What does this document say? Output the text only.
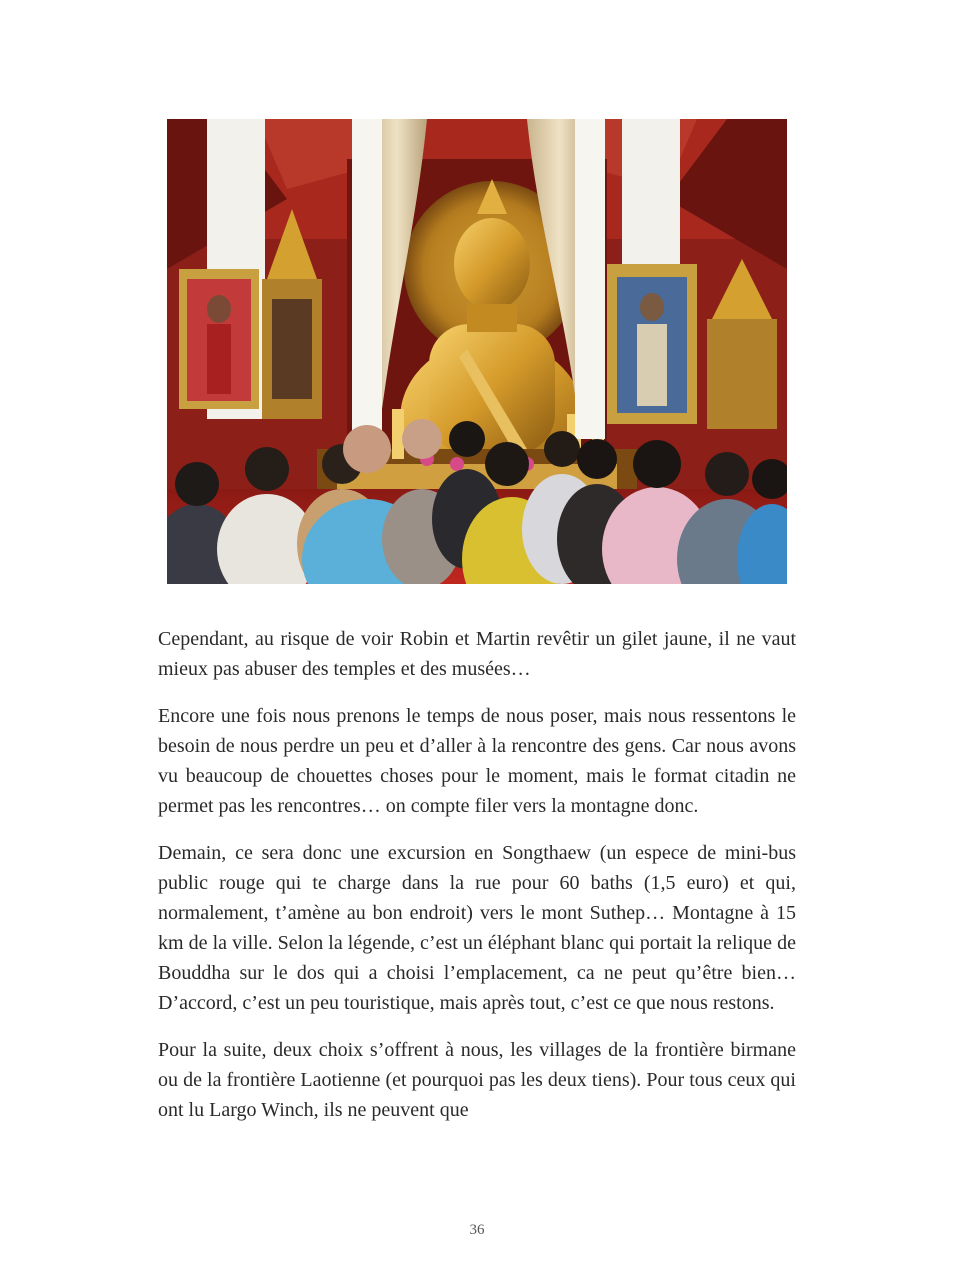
Cependant, au risque de voir Robin et Martin revêtir un gilet jaune, il ne vaut mieux pas abuser des temples et des musées…

Encore une fois nous prenons le temps de nous poser, mais nous ressentons le besoin de nous perdre un peu et d’aller à la rencontre des gens. Car nous avons vu beaucoup de chouettes choses pour le moment, mais le format citadin ne permet pas les rencontres… on compte filer vers la montagne donc.

Demain, ce sera donc une excursion en Songthaew (un espece de mini-bus public rouge qui te charge dans la rue pour 60 baths (1,5 euro) et qui, normalement, t’amène au bon endroit) vers le mont Suthep… Montagne à 15 km de la ville. Selon la légende, c’est un éléphant blanc qui portait la relique de Bouddha sur le dos qui a choisi l’emplacement, ca ne peut qu’être bien… D’accord, c’est un peu touristique, mais après tout, c’est ce que nous restons.

Pour la suite, deux choix s’offrent à nous, les villages de la frontière birmane ou de la frontière Laotienne (et pourquoi pas les deux tiens). Pour tous ceux qui ont lu Largo Winch, ils ne peuvent que

36
